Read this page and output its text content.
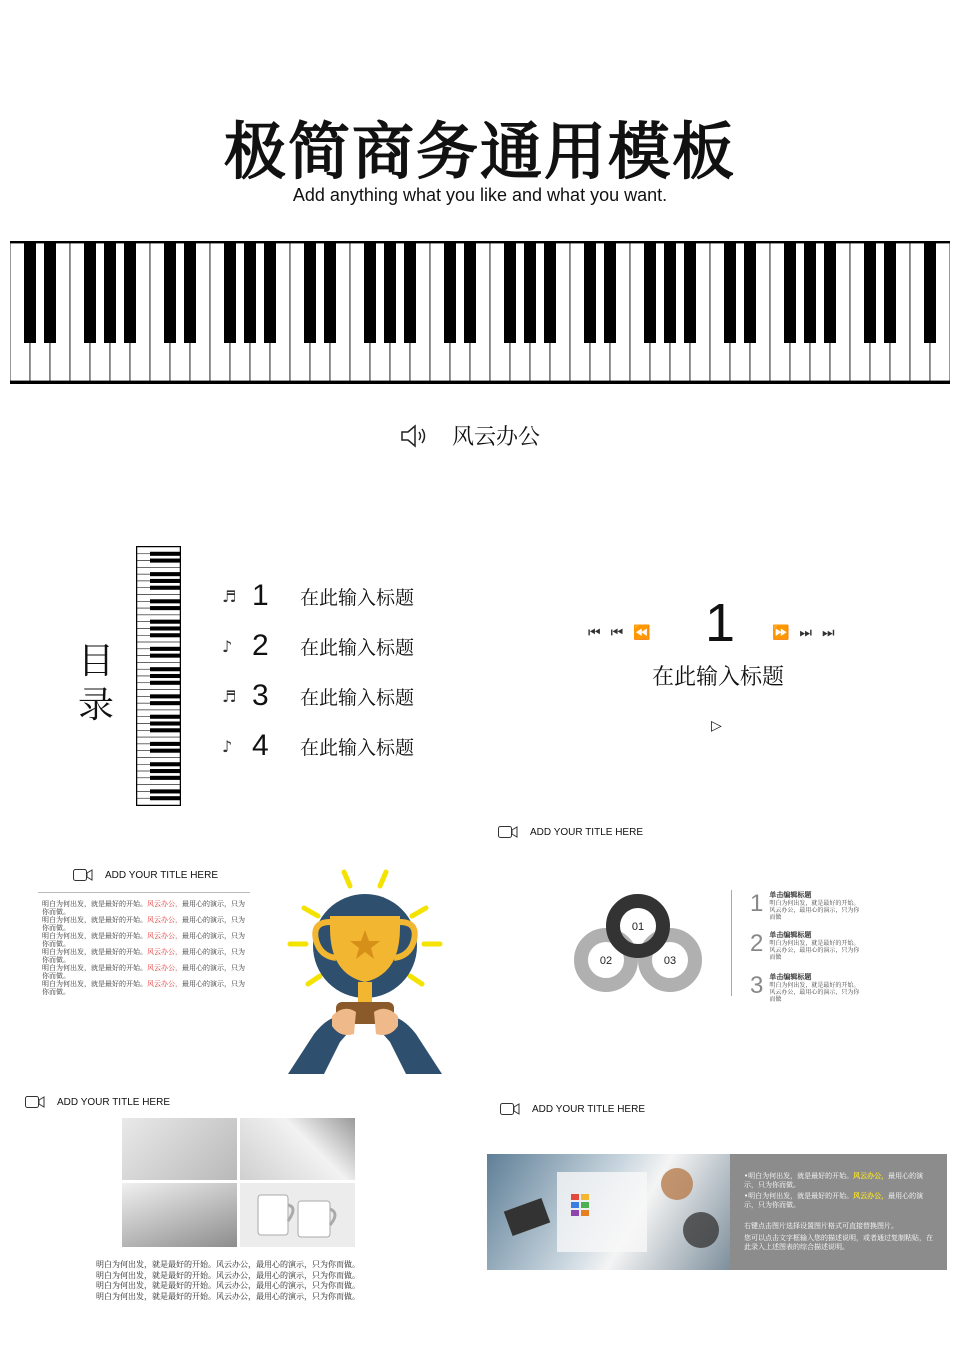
极简商务通用模板
Add anything what you like and what you want.
风云办公
目
录
♬ 1	在此输入标题
♪ 2	在此输入标题
♬ 3	在此输入标题
♪ 4	在此输入标题
⏮⏮⏪ 1	⏩⏭⏭
在此输入标题
▷
ADD YOUR TITLE HERE
01
02	03
1 单击编辑标题
明白为何出发，就是最好的开始。风云办公，最用心的演示，只为你而做
2 单击编辑标题
明白为何出发，就是最好的开始。风云办公，最用心的演示，只为你而做
3 单击编辑标题
明白为何出发，就是最好的开始。风云办公，最用心的演示，只为你而做
ADD YOUR TITLE HERE
明白为何出发，就是最好的开始。风云办公，最用心的演示，只为你而做。
明白为何出发，就是最好的开始。风云办公，最用心的演示，只为你而做。
明白为何出发，就是最好的开始。风云办公，最用心的演示，只为你而做。
明白为何出发，就是最好的开始。风云办公，最用心的演示，只为你而做。
明白为何出发，就是最好的开始。风云办公，最用心的演示，只为你而做。
明白为何出发，就是最好的开始。风云办公，最用心的演示，只为你而做。
ADD YOUR TITLE HERE
明白为何出发，就是最好的开始。风云办公，最用心的演示，只为你而做。
明白为何出发，就是最好的开始。风云办公，最用心的演示，只为你而做。
明白为何出发，就是最好的开始。风云办公，最用心的演示，只为你而做。
明白为何出发，就是最好的开始。风云办公，最用心的演示，只为你而做。
ADD YOUR TITLE HERE
•明白为何出发，就是最好的开始。风云办公，最用心的演示，只为你而做。
•明白为何出发，就是最好的开始。风云办公，最用心的演示，只为你而做。
右键点击图片选择设置图片格式可直接替换图片。
您可以点击文字框输入您的描述说明，或者通过复制粘贴，在此录入上述图表的综合描述说明。
